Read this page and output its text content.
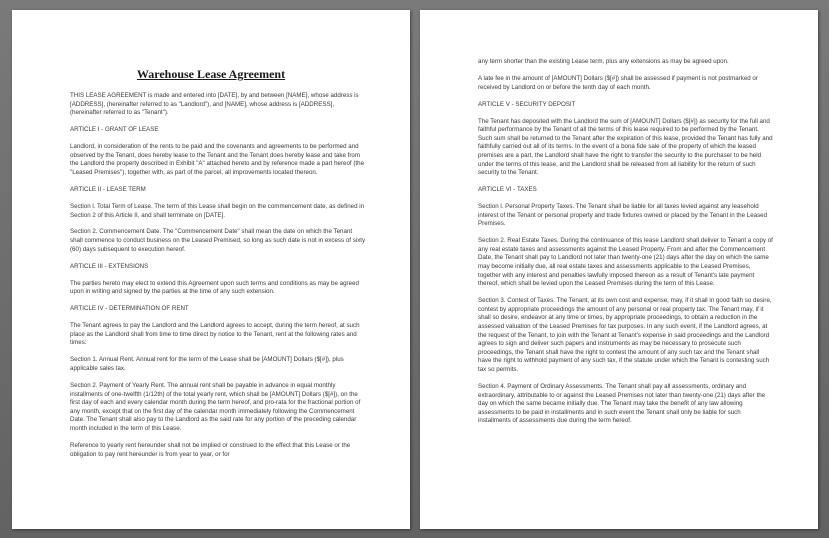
Warehouse Lease Agreement

THIS LEASE AGREEMENT is made and entered into [DATE], by and between [NAME], whose address is [ADDRESS], (hereinafter referred to as "Landlord"), and [NAME], whose address is [ADDRESS], (hereinafter referred to as "Tenant").

ARTICLE I - GRANT OF LEASE

Landlord, in consideration of the rents to be paid and the covenants and agreements to be performed and observed by the Tenant, does hereby lease to the Tenant and the Tenant does hereby lease and take from the Landlord the property described in Exhibit "A" attached hereto and by reference made a part hereof (the "Leased Premises"), together with, as part of the parcel, all improvements located thereon.

ARTICLE II - LEASE TERM

Section l. Total Term of Lease. The term of this Lease shall begin on the commencement date, as defined in Section 2 of this Article II, and shall terminate on [DATE].

Section 2. Commencement Date. The "Commencement Date" shall mean the date on which the Tenant shall commence to conduct business on the Leased Premised, so long as such date is not in excess of sixty (60) days subsequent to execution hereof.

ARTICLE III - EXTENSIONS

The parties hereto may elect to extend this Agreement upon such terms and conditions as may be agreed upon in writing and signed by the parties at the time of any such extension.

ARTICLE IV - DETERMINATION OF RENT

The Tenant agrees to pay the Landlord and the Landlord agrees to accept, during the term hereof, at such place as the Landlord shall from time to time direct by notice to the Tenant, rent at the following rates and times:

Section 1. Annual Rent. Annual rent for the term of the Lease shall be [AMOUNT] Dollars ($[#]), plus applicable sales tax.

Section 2. Payment of Yearly Rent. The annual rent shall be payable in advance in equal monthly installments of one-twelfth (1/12th) of the total yearly rent, which shall be [AMOUNT] Dollars ($[#]), on the first day of each and every calendar month during the term hereof, and pro-rata for the fractional portion of any month, except that on the first day of the calendar month immediately following the Commencement Date. The Tenant shall also pay to the Landlord as the said rate for any portion of the preceding calendar month included in the term of this Lease.

Reference to yearly rent hereunder shall not be implied or construed to the effect that this Lease or the obligation to pay rent hereunder is from year to year, or for

any term shorter than the existing Lease term, plus any extensions as may be agreed upon.

A late fee in the amount of [AMOUNT] Dollars ($[#]) shall be assessed if payment is not postmarked or received by Landlord on or before the tenth day of each month.

ARTICLE V - SECURITY DEPOSIT

The Tenant has deposited with the Landlord the sum of [AMOUNT] Dollars ($[#]) as security for the full and faithful performance by the Tenant of all the terms of this lease required to be performed by the Tenant. Such sum shall be returned to the Tenant after the expiration of this lease, provided the Tenant has fully and faithfully carried out all of its terms. In the event of a bona fide sale of the property of which the leased premises are a part, the Landlord shall have the right to transfer the security to the purchaser to be held under the terms of this lease, and the Landlord shall be released from all liability for the return of such security to the Tenant.

ARTICLE VI - TAXES

Section l. Personal Property Taxes. The Tenant shall be liable for all taxes levied against any leasehold interest of the Tenant or personal property and trade fixtures owned or placed by the Tenant in the Leased Premises.

Section 2. Real Estate Taxes. During the continuance of this lease Landlord shall deliver to Tenant a copy of any real estate taxes and assessments against the Leased Property. From and after the Commencement Date, the Tenant shall pay to Landlord not later than twenty-one (21) days after the day on which the same may become initially due, all real estate taxes and assessments applicable to the Leased Premises, together with any interest and penalties lawfully imposed thereon as a result of Tenant's late payment thereof, which shall be levied upon the Leased Premises during the term of this Lease.

Section 3. Contest of Taxes. The Tenant, at its own cost and expense, may, if it shall in good faith so desire, contest by appropriate proceedings the amount of any personal or real property tax. The Tenant may, if it shall so desire, endeavor at any time or times, by appropriate proceedings, to obtain a reduction in the assessed valuation of the Leased Premises for tax purposes. In any such event, if the Landlord agrees, at the request of the Tenant, to join with the Tenant at Tenant's expense in said proceedings and the Landlord agrees to sign and deliver such papers and instruments as may be necessary to prosecute such proceedings, the Tenant shall have the right to contest the amount of any such tax and the Tenant shall have the right to withhold payment of any such tax, if the statute under which the Tenant is contesting such tax so permits.

Section 4. Payment of Ordinary Assessments. The Tenant shall pay all assessments, ordinary and extraordinary, attributable to or against the Leased Premises not later than twenty-one (21) days after the day on which the same became initially due. The Tenant may take the benefit of any law allowing assessments to be paid in installments and in such event the Tenant shall only be liable for such installments of assessments due during the term hereof.
